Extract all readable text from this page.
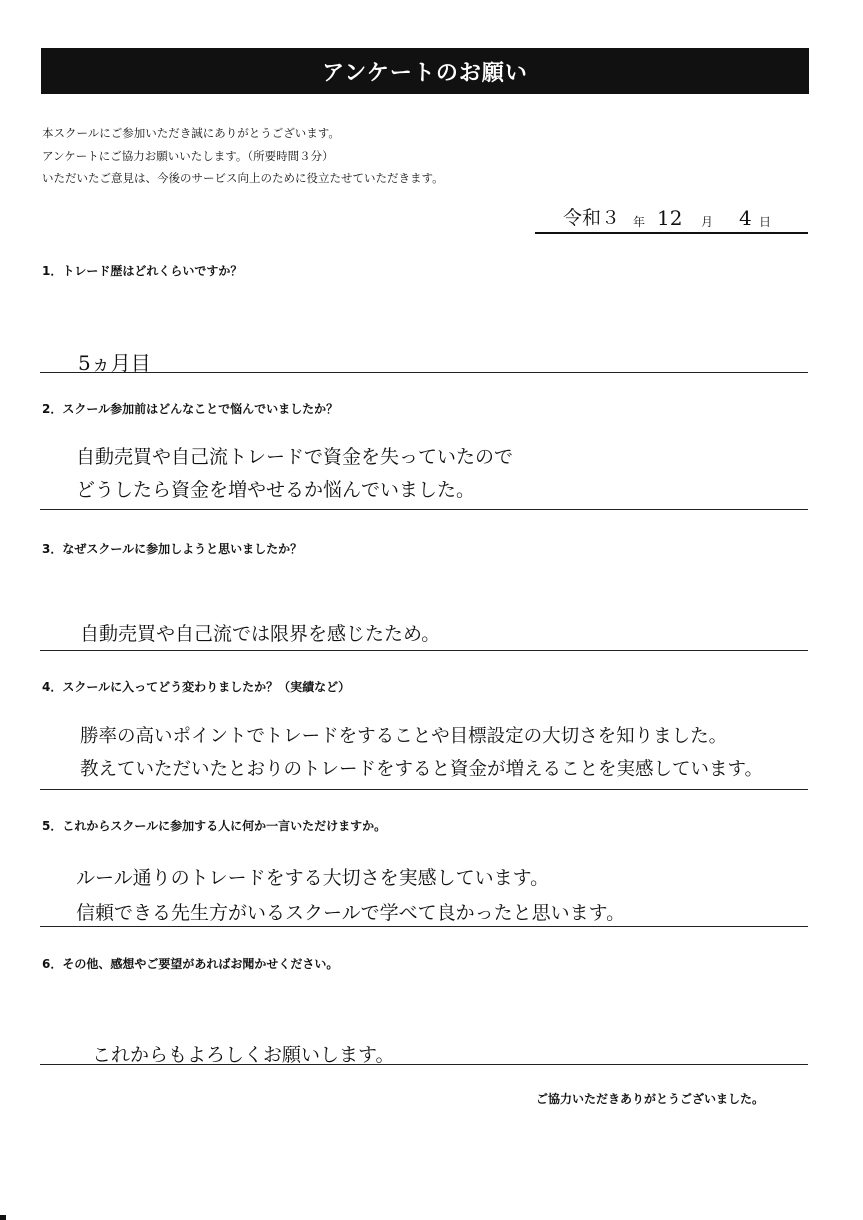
アンケートのお願い
本スクールにご参加いただき誠にありがとうございます。
アンケートにご協力お願いいたします。（所要時間３分）
いただいたご意見は、今後のサービス向上のために役立たせていただきます。
令和３ 年 12 月 4 日
1．トレード歴はどれくらいですか？
5ヵ月目
2．スクール参加前はどんなことで悩んでいましたか？
自動売買や自己流トレードで資金を失っていたので
どうしたら資金を増やせるか悩んでいました。
3．なぜスクールに参加しようと思いましたか？
自動売買や自己流では限界を感じたため。
4．スクールに入ってどう変わりましたか？（実績など）
勝率の高いポイントでトレードをすることや目標設定の大切さを知りました。
教えていただいたとおりのトレードをすると資金が増えることを実感しています。
5．これからスクールに参加する人に何か一言いただけますか。
ルール通りのトレードをする大切さを実感しています。
信頼できる先生方がいるスクールで学べて良かったと思います。
6．その他、感想やご要望があればお聞かせください。
これからもよろしくお願いします。
ご協力いただきありがとうございました。
